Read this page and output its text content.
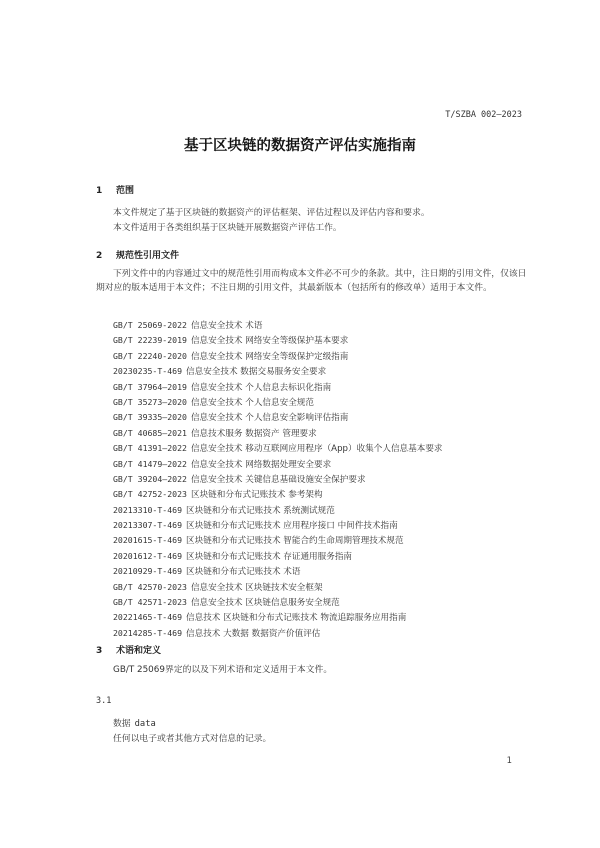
T/SZBA 002—2023
基于区块链的数据资产评估实施指南
1 范围

本文件规定了基于区块链的数据资产的评估框架、评估过程以及评估内容和要求。

本文件适用于各类组织基于区块链开展数据资产评估工作。

2 规范性引用文件

下列文件中的内容通过文中的规范性引用而构成本文件必不可少的条款。其中，注日期的引用文件，仅该日期对应的版本适用于本文件；不注日期的引用文件，其最新版本（包括所有的修改单）适用于本文件。

GB/T 25069-2022 信息安全技术 术语
GB/T 22239-2019 信息安全技术 网络安全等级保护基本要求
GB/T 22240-2020 信息安全技术 网络安全等级保护定级指南
20230235-T-469 信息安全技术 数据交易服务安全要求
GB/T 37964—2019 信息安全技术 个人信息去标识化指南
GB/T 35273—2020 信息安全技术 个人信息安全规范
GB/T 39335—2020 信息安全技术 个人信息安全影响评估指南
GB/T 40685—2021 信息技术服务 数据资产 管理要求
GB/T 41391—2022 信息安全技术 移动互联网应用程序（App）收集个人信息基本要求
GB/T 41479—2022 信息安全技术 网络数据处理安全要求
GB/T 39204—2022 信息安全技术 关键信息基础设施安全保护要求
GB/T 42752-2023 区块链和分布式记账技术 参考架构
20213310-T-469 区块链和分布式记账技术 系统测试规范
20213307-T-469 区块链和分布式记账技术 应用程序接口 中间件技术指南
20201615-T-469 区块链和分布式记账技术 智能合约生命周期管理技术规范
20201612-T-469 区块链和分布式记账技术 存证通用服务指南
20210929-T-469 区块链和分布式记账技术 术语
GB/T 42570-2023 信息安全技术 区块链技术安全框架
GB/T 42571-2023 信息安全技术 区块链信息服务安全规范
20221465-T-469 信息技术 区块链和分布式记账技术 物流追踪服务应用指南
20214285-T-469 信息技术 大数据 数据资产价值评估
3 术语和定义

GB/T 25069界定的以及下列术语和定义适用于本文件。

3.1
数据 data
任何以电子或者其他方式对信息的记录。
1
